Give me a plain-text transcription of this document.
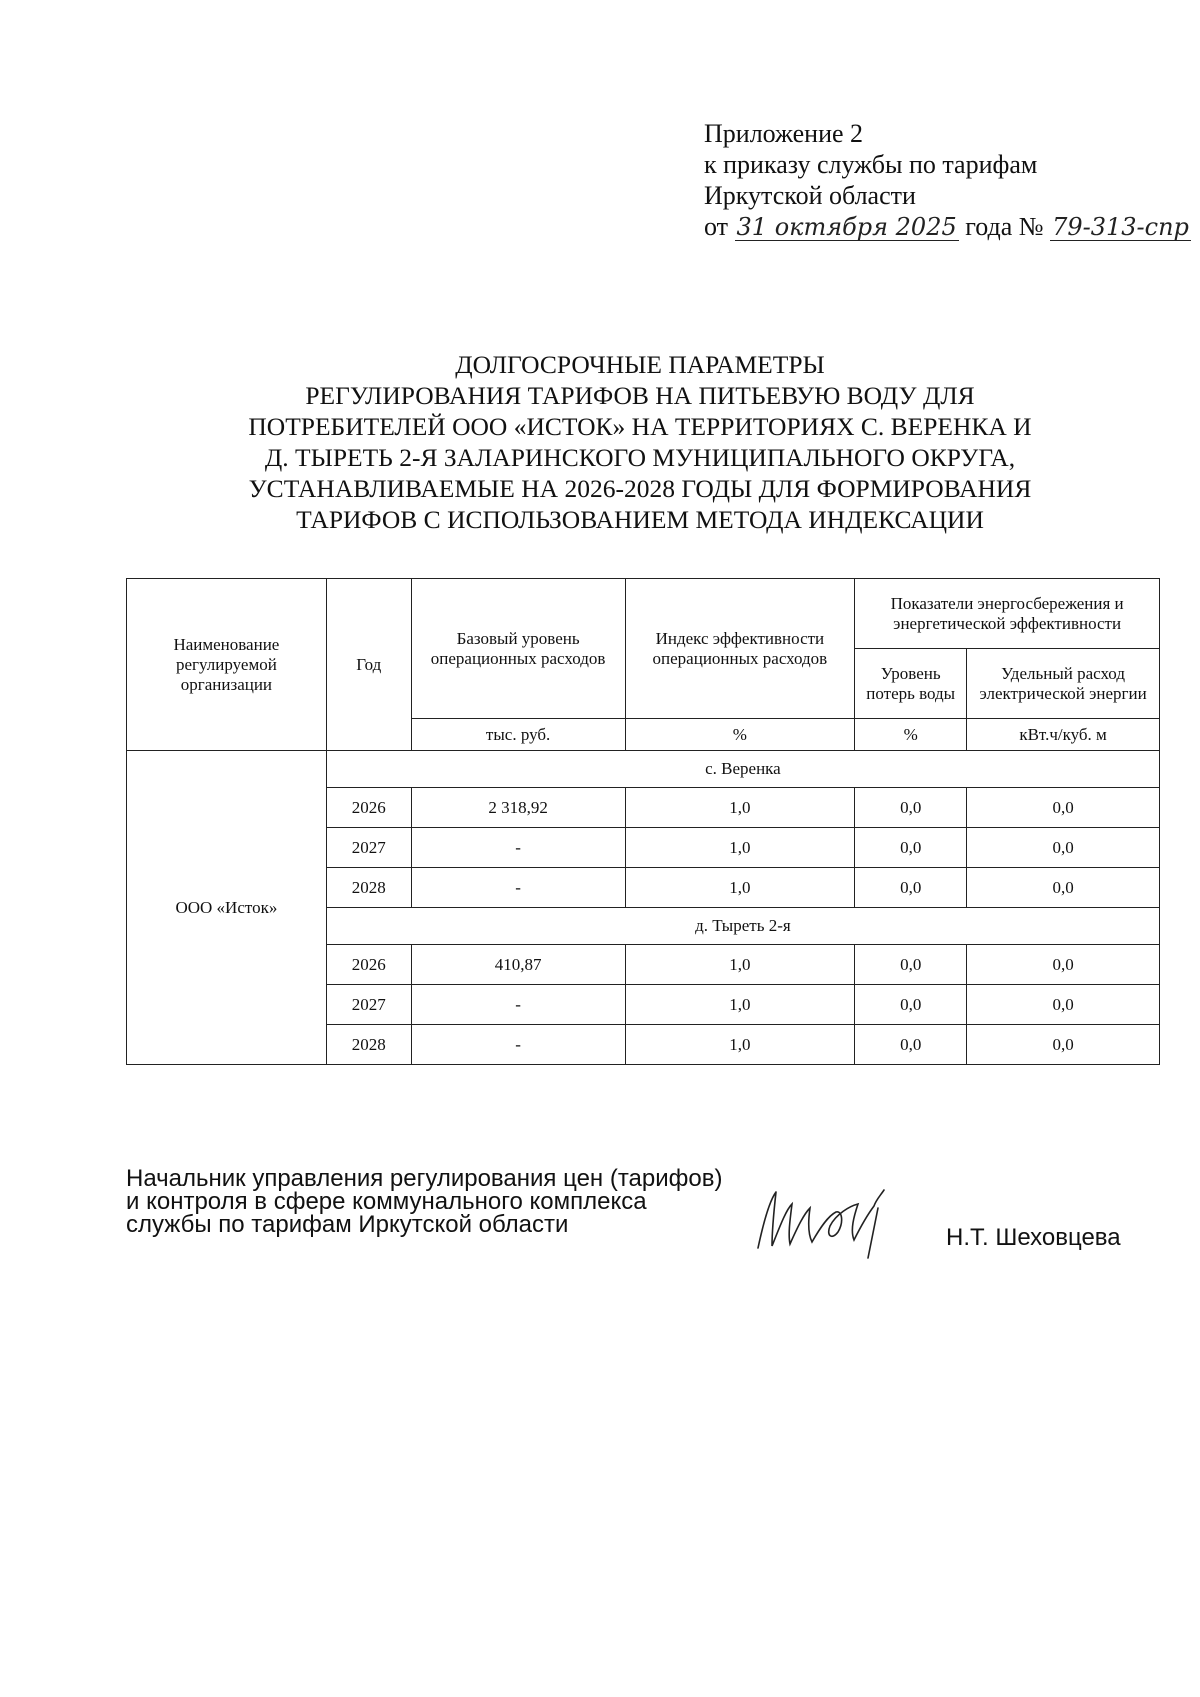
Приложение 2
к приказу службы по тарифам
Иркутской области
от 31 октября 2025 года № 79-313-спр
ДОЛГОСРОЧНЫЕ ПАРАМЕТРЫ
РЕГУЛИРОВАНИЯ ТАРИФОВ НА ПИТЬЕВУЮ ВОДУ ДЛЯ
ПОТРЕБИТЕЛЕЙ ООО «ИСТОК» НА ТЕРРИТОРИЯХ С. ВЕРЕНКА И
Д. ТЫРЕТЬ 2-Я ЗАЛАРИНСКОГО МУНИЦИПАЛЬНОГО ОКРУГА,
УСТАНАВЛИВАЕМЫЕ НА 2026-2028 ГОДЫ ДЛЯ ФОРМИРОВАНИЯ
ТАРИФОВ С ИСПОЛЬЗОВАНИЕМ МЕТОДА ИНДЕКСАЦИИ
Наименование регулируемой организации	Год	Базовый уровень операционных расходов	Индекс эффективности операционных расходов	Показатели энергосбережения и энергетической эффективности	
				Уровень потерь воды	Удельный расход электрической энергии
		тыс. руб.	%	%	кВт.ч/куб. м
ООО «Исток»	с. Веренка				
	2026	2 318,92	1,0	0,0	0,0
	2027	-	1,0	0,0	0,0
	2028	-	1,0	0,0	0,0
	д. Тыреть 2-я				
	2026	410,87	1,0	0,0	0,0
	2027	-	1,0	0,0	0,0
	2028	-	1,0	0,0	0,0
Начальник управления регулирования цен (тарифов)
и контроля в сфере коммунального комплекса
службы по тарифам Иркутской области	Н.Т. Шеховцева
